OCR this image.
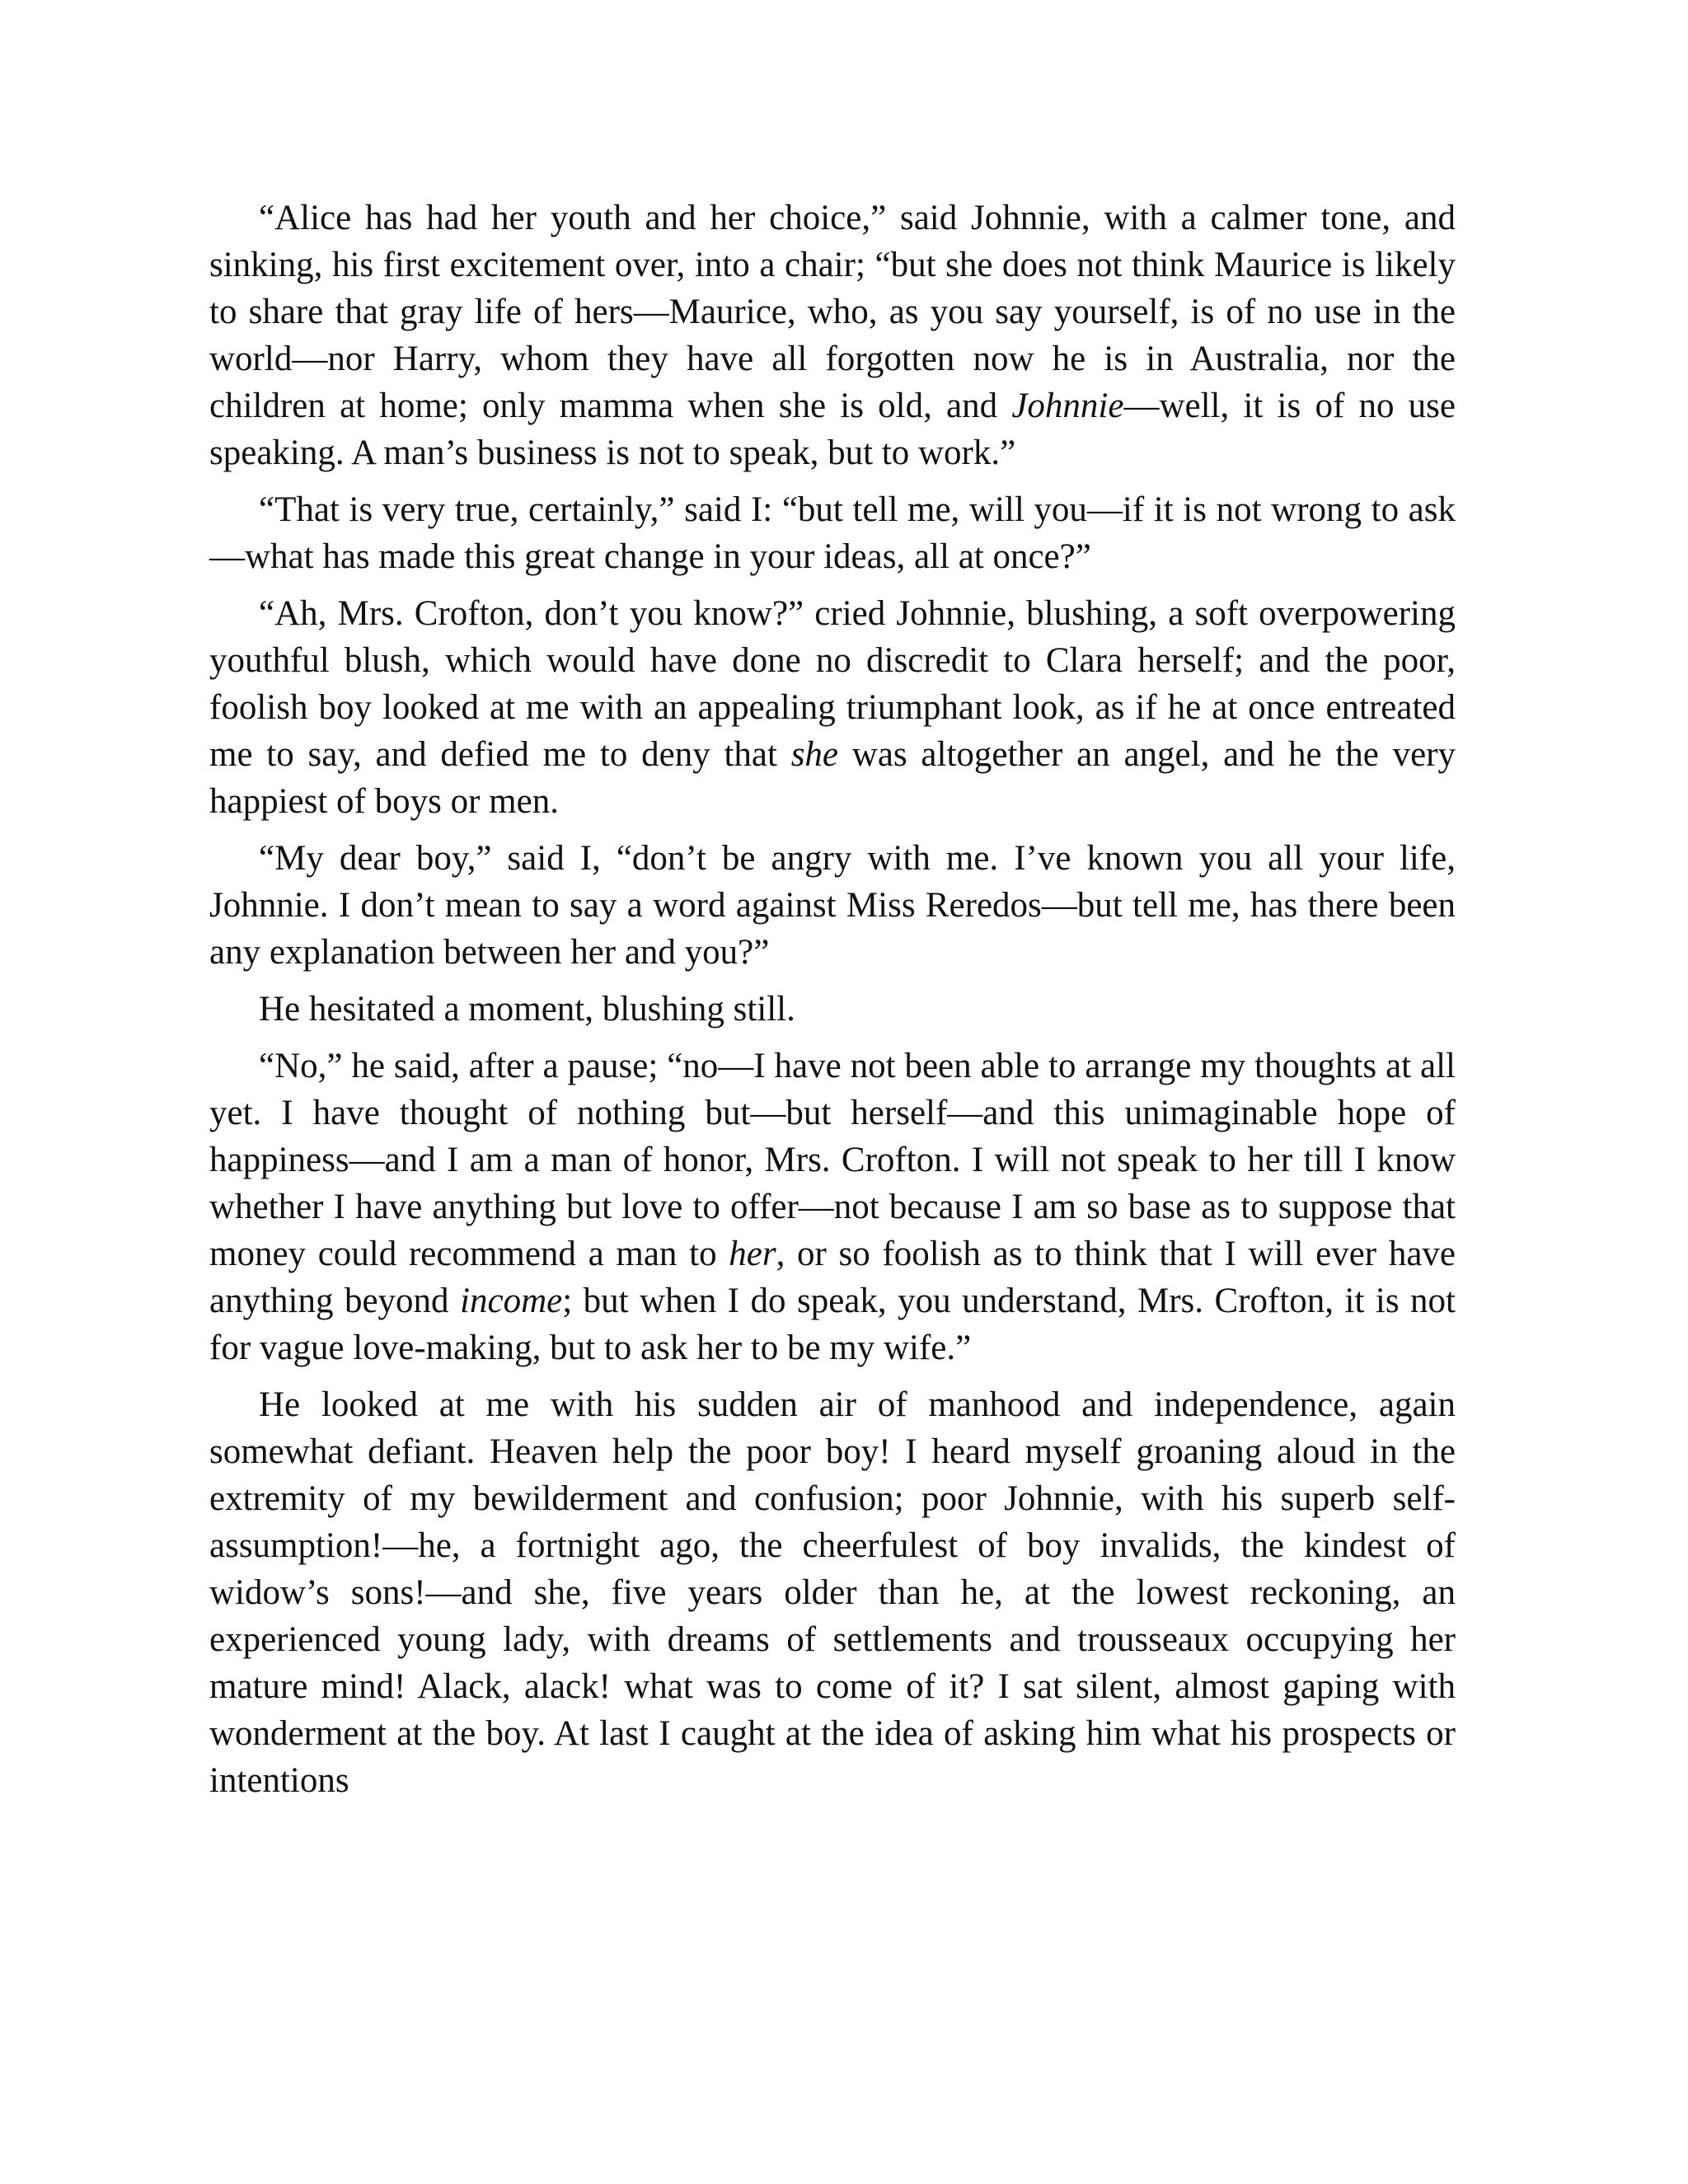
“Alice has had her youth and her choice,” said Johnnie, with a calmer tone, and sinking, his first excitement over, into a chair; “but she does not think Maurice is likely to share that gray life of hers—Maurice, who, as you say yourself, is of no use in the world—nor Harry, whom they have all forgotten now he is in Australia, nor the children at home; only mamma when she is old, and Johnnie—well, it is of no use speaking. A man’s business is not to speak, but to work.”

“That is very true, certainly,” said I: “but tell me, will you—if it is not wrong to ask—what has made this great change in your ideas, all at once?”

“Ah, Mrs. Crofton, don’t you know?” cried Johnnie, blushing, a soft overpowering youthful blush, which would have done no discredit to Clara herself; and the poor, foolish boy looked at me with an appealing triumphant look, as if he at once entreated me to say, and defied me to deny that she was altogether an angel, and he the very happiest of boys or men.

“My dear boy,” said I, “don’t be angry with me. I’ve known you all your life, Johnnie. I don’t mean to say a word against Miss Reredos—but tell me, has there been any explanation between her and you?”

He hesitated a moment, blushing still.

“No,” he said, after a pause; “no—I have not been able to arrange my thoughts at all yet. I have thought of nothing but—but herself—and this unimaginable hope of happiness—and I am a man of honor, Mrs. Crofton. I will not speak to her till I know whether I have anything but love to offer—not because I am so base as to suppose that money could recommend a man to her, or so foolish as to think that I will ever have anything beyond income; but when I do speak, you understand, Mrs. Crofton, it is not for vague love-making, but to ask her to be my wife.”

He looked at me with his sudden air of manhood and independence, again somewhat defiant. Heaven help the poor boy! I heard myself groaning aloud in the extremity of my bewilderment and confusion; poor Johnnie, with his superb self-assumption!—he, a fortnight ago, the cheerfulest of boy invalids, the kindest of widow’s sons!—and she, five years older than he, at the lowest reckoning, an experienced young lady, with dreams of settlements and trousseaux occupying her mature mind! Alack, alack! what was to come of it? I sat silent, almost gaping with wonderment at the boy. At last I caught at the idea of asking him what his prospects or intentions
